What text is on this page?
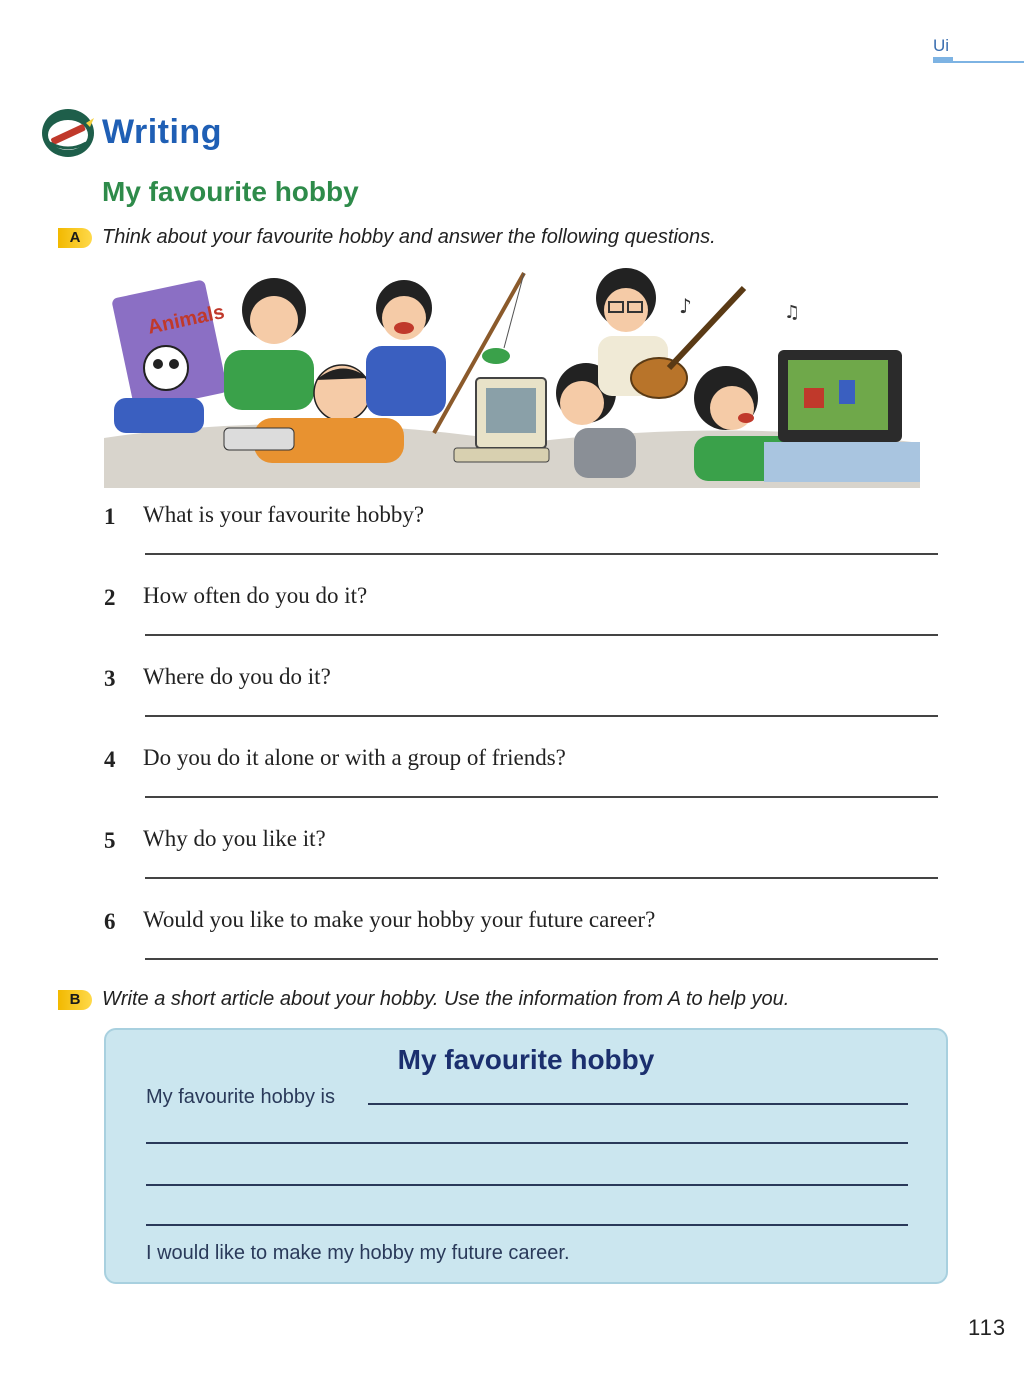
Ui
Writing
My favourite hobby
A	Think about your favourite hobby and answer the following questions.
Animals	♪	♫
1 What is your favourite hobby?
2 How often do you do it?
3 Where do you do it?
4 Do you do it alone or with a group of friends?
5 Why do you like it?
6 Would you like to make your hobby your future career?
B	Write a short article about your hobby. Use the information from A to help you.
My favourite hobby
My favourite hobby is
I would like to make my hobby my future career.
113
